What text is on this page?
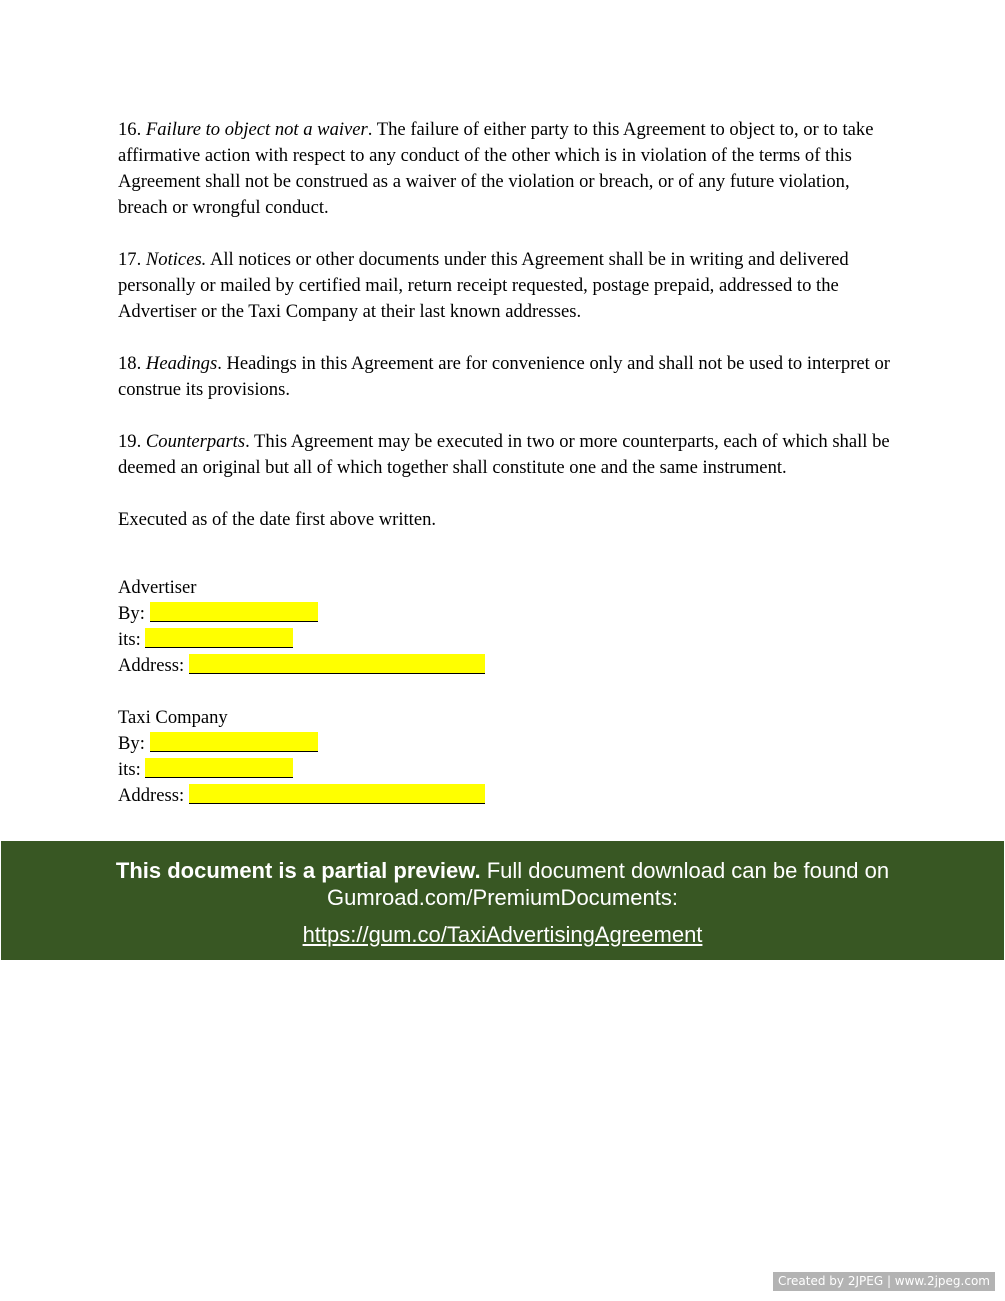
16. Failure to object not a waiver. The failure of either party to this Agreement to object to, or to take affirmative action with respect to any conduct of the other which is in violation of the terms of this Agreement shall not be construed as a waiver of the violation or breach, or of any future violation, breach or wrongful conduct.

17. Notices. All notices or other documents under this Agreement shall be in writing and delivered personally or mailed by certified mail, return receipt requested, postage prepaid, addressed to the Advertiser or the Taxi Company at their last known addresses.

18. Headings. Headings in this Agreement are for convenience only and shall not be used to interpret or construe its provisions.

19. Counterparts. This Agreement may be executed in two or more counterparts, each of which shall be deemed an original but all of which together shall constitute one and the same instrument.

Executed as of the date first above written.

Advertiser
By:
its:
Address:
Taxi Company
By:
its:
Address:
This document is a partial preview. Full document download can be found on
Gumroad.com/PremiumDocuments:
https://gum.co/TaxiAdvertisingAgreement
Created by 2JPEG | www.2jpeg.com
